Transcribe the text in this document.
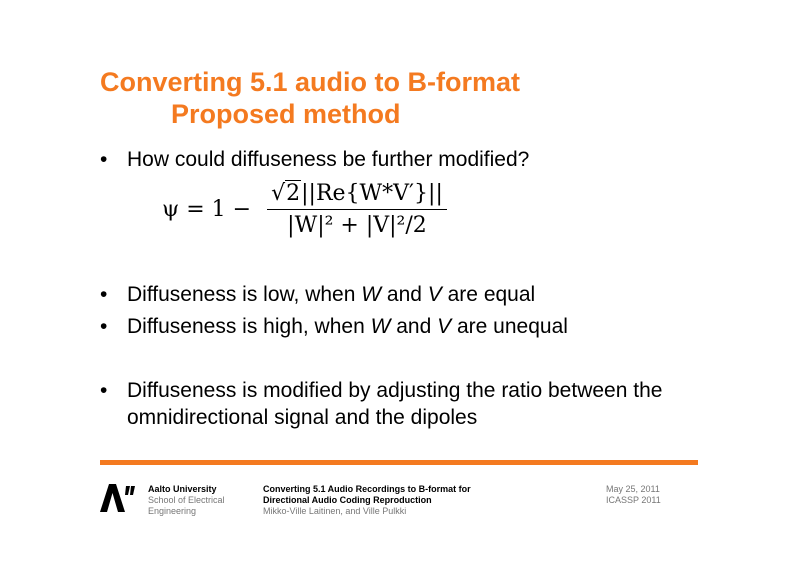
Converting 5.1 audio to B-format
Proposed method
• How could diffuseness be further modified?
$\psi = 1 - \frac{√2||Re\{W*V'\}||}{\text{|W|² + |V|²/2}}$
• Diffuseness is low, when W and V are equal
• Diffuseness is high, when W and V are unequal
• Diffuseness is modified by adjusting the ratio between the omnidirectional signal and the dipoles
Aalto University
School of Electrical
Engineering
Converting 5.1 Audio Recordings to B-format for
Directional Audio Coding Reproduction
Mikko-Ville Laitinen, and Ville Pulkki
May 25, 2011
ICASSP 2011
